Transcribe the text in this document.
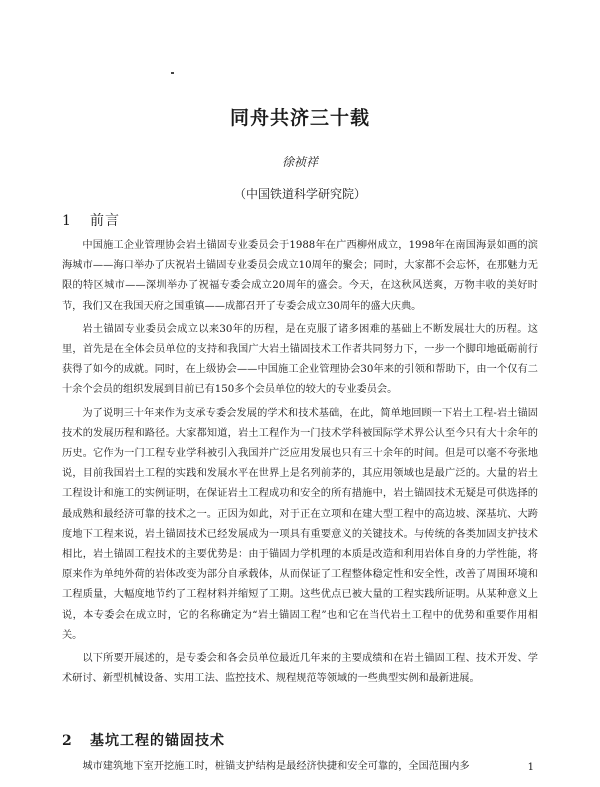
同舟共济三十载

徐祯祥

（中国铁道科学研究院）

1 前言

中国施工企业管理协会岩土锚固专业委员会于1988年在广西柳州成立，1998年在南国海景如画的滨海城市——海口举办了庆祝岩土锚固专业委员会成立10周年的聚会；同时，大家都不会忘怀，在那魅力无限的特区城市——深圳举办了祝福专委会成立20周年的盛会。今天，在这秋风送爽，万物丰收的美好时节，我们又在我国天府之国重镇——成都召开了专委会成立30周年的盛大庆典。

岩土锚固专业委员会成立以来30年的历程，是在克服了诸多困难的基础上不断发展壮大的历程。这里，首先是在全体会员单位的支持和我国广大岩土锚固技术工作者共同努力下，一步一个脚印地砥砺前行获得了如今的成就。同时，在上级协会——中国施工企业管理协会30年来的引领和帮助下，由一个仅有二十余个会员的组织发展到目前已有150多个会员单位的较大的专业委员会。

为了说明三十年来作为支承专委会发展的学术和技术基础，在此，简单地回顾一下岩土工程-岩土锚固技术的发展历程和路径。大家都知道，岩土工程作为一门技术学科被国际学术界公认至今只有大十余年的历史。它作为一门工程专业学科被引入我国并广泛应用发展也只有三十余年的时间。但是可以毫不夸张地说，目前我国岩土工程的实践和发展水平在世界上是名列前茅的，其应用领域也是最广泛的。大量的岩土工程设计和施工的实例证明，在保证岩土工程成功和安全的所有措施中，岩土锚固技术无疑是可供选择的最成熟和最经济可靠的技术之一。正因为如此，对于正在立项和在建大型工程中的高边坡、深基坑、大跨度地下工程来说，岩土锚固技术已经发展成为一项具有重要意义的关键技术。与传统的各类加固支护技术相比，岩土锚固工程技术的主要优势是：由于锚固力学机理的本质是改造和利用岩体自身的力学性能，将原来作为单纯外荷的岩体改变为部分自承载体，从而保证了工程整体稳定性和安全性，改善了周围环境和工程质量，大幅度地节约了工程材料并缩短了工期。这些优点已被大量的工程实践所证明。从某种意义上说，本专委会在成立时，它的名称确定为“岩土锚固工程”也和它在当代岩土工程中的优势和重要作用相关。

以下所要开展述的，是专委会和各会员单位最近几年来的主要成绩和在岩土锚固工程、技术开发、学术研讨、新型机械设备、实用工法、监控技术、规程规范等领域的一些典型实例和最新进展。

2 基坑工程的锚固技术

城市建筑地下室开挖施工时，桩锚支护结构是最经济快捷和安全可靠的，全国范围内多	1
